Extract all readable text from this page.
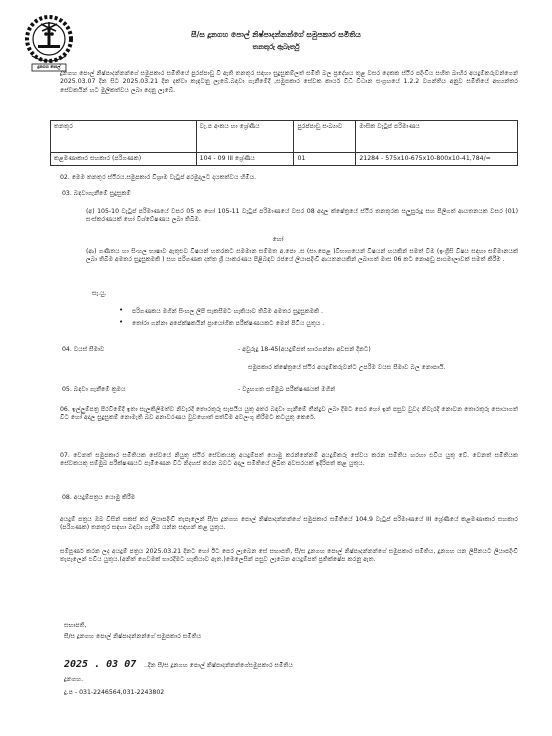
දූනගහ පොල්
සී/ස දූනගහ පොල් නිෂ්පාදන්නන්ගේ සමුපකාර සමිතිය
තනතුරු ඇබෑර්තු
දූනගහ පොල් නිෂ්පාදන්නන්ගේ සමුපකාර සමිතියේ පුරප්පාඩු වී ඇති තනතුර සඳහා සුදුසුකම්ලත් සමිති බල ප්‍රදේශය තුළ වසර දෙකක ස්ථිර පදිංචිය සහිත බාහිර අයදුම්කරුවන්ගෙන් 2025.03.07 දින සිට 2025.03.21 දින දක්වා කැඳවනු ලැබේ.බඳවා ගැනීමේදී ,සමුපකාර සේවක කාර්ය විධි විධාන සංග්‍රහයේ 1.2.2 වගන්තිය අනුව සමිතියේ අභ්‍යන්තර සේවකයින් හට මුලිකත්වය ලබා දෙනු ලැබේ.
තනතුර	වැ.ප අංකය හා ශ්‍රේණිය	පුරප්පාඩු සංඛ්‍යාව	මාසික වැටුප් පරිමාණය
කළමණාකාර සහකාර (පරිගණක)	104 - 09 III ශ්‍රේණිය	01	21284 - 575x10-675x10-800x10-41,784/=
02. මෙම තනතුර ස්ථිරය.සමුපකාර විශ්‍රාම වැටුප් අරමුදලට දායකත්වය හිමිය.
03. බඳවාගැනීමේ සුදුසුකම්
(අ) 105-10 වැටුප් පරිමාණයේ වසර 05 ක හෝ 105-11 වැටුප් පරිමාණයේ වසර 08 අදාල ක්ෂේත්‍රයේ ස්ථිර තනතුරක සලුසුරුදු සහ පිලිගත් ආයතනයක වසර (01) සංස්කරණයක් හෝ විශ්වේෂණය ලබා තිබීම.
හෝ
(ආ) ගණිතය හා සිංහල භාෂාව ඇතුළුව විෂයන් හතරකට සමමාන සම්මත අ.පො .ස (සා.පෙළ )විභාගයෙන් විෂයන් හයකින් සමත් වීම (ඉංග්‍රීසි විෂය සඳහා සම්මානයක් ලබා තිබීම අමතර සුදුසුකමකි ) සහ පරිගණක දත්ත ශ්‍රී යාකරණය පිළිබඳව රජයේ ලියාපදිංචි ආයතනයකින් ලබාගත් මාස 06 කට නොඅඩු පාඨමාලාවක් සමත් කිරීම .
සැ.යු.
• පරිගණකය මගින් සිංහල ලිපි සැකසීමට හැකියාව තිබීම අමතර සුදුසුකමකි .
• තෝරා ගන්නා අපේක්ෂකයින් ප්‍රායෝගික පරීක්ෂණයකට මෙන් පිටිය යුතුය .
04. වයස් සීමාව	- අවුරුදු 18-45(අයදුම්පත් භාරගන්නා අවසන් දිනට)
සමුපකාර ක්ෂේත්‍රයේ ස්ථිර අයදුම්කරුවන්ට උපරිම වයස සීමාව බල නොපායි.
05. බඳවා ගැනීමේ ක්‍රමය	- ව්‍යුහගත සම්මුඛ පරීක්ෂණයක් මගින්
06. ඉල්ලුම්පත්‍ර පිරවීමේදී ඉතා සැලකිලිමත්ව නිවැරදි තොරතුරු සැපයිය යුතු අතර බඳවා ගැනීමේ තීන්දුව ලබා දීමට පෙර හෝ ඉන් පසුව වුවද නිවැරදි නොවන තොරතුරු සොයාගත් විට හෝ අදාල සුදුසුකම් නොමැති බව අනාවරණය වුවහොත් පත්වීම අවලංගු කිරීමට කටයුතු කෙරේ.
07. වෙනත් සමුපකාර සමිතියක සේවයේ නියුතු ස්ථිර සේවකයකු අයදුම්පත් යොමු කරන්නේනම් අයදුම්කරු සේවය කරන සමිතිය හරහා එවිය යුතු වේ. වෙනත් සමිතියක සේවකයකු සම්මුඛ පරීක්ෂණයට පැමිණෙන විට නිදහස් කරන බවට අදාල සමිතියේ ලිඛිත අවසරයක් ඉදිරිපත් කළ යුතුය.
08. අයදුම්පත්‍රය යොමු කිරීම
අයදුම් පත්‍රය ඔබ විසින් සකස් කර ලියාපදිංචි තැපෑලෙන් සී/ස දූනගහ පොල් නිෂ්පාදන්නන්ගේ සමුපකාර සමිතියේ 104.9 වැටුප් පරිමාණයේ III ශ්‍රේණියේ කළමණාකාර සහකාර (පරිගණක) තනතුර සඳහා බඳවා ගැනීම යන්න සඳහන් කළ යුතුය.
සම්පූර්ණ කරන ලද අයදුම් පත්‍රය 2025.03.21 දිනට හෝ ඊට පෙර ලැබෙන සේ සභාපති, සී/ස දූනගහ පොල් නිෂ්පාදන්නන්ගේ සමුපකාර සමිතිය, දූනගහ යන ලිපිනයට ලියාපදිංචි තැපෑලෙන් එවිය යුතුය.(අනිත් ගෙවමක් භාරදීමට හැකියාව ඇත.)මෙලෙසින් පසුව ලැබෙන අයදුම්පත් ප්‍රතික්ෂේප කරනු ඇත.
සභාපති,
සී/ස දූනගහ පොල් නිෂ්පාදන්නන්ගේ සමුපකාර සමිතිය
2025 . 03 07	..දින සී/ස දූනගහ පොල් නිෂ්පාදන්නන්ගේසමුපකාර සමිතිය
දූනගහ.
දු.ප - 031-2246564,031-2243802
